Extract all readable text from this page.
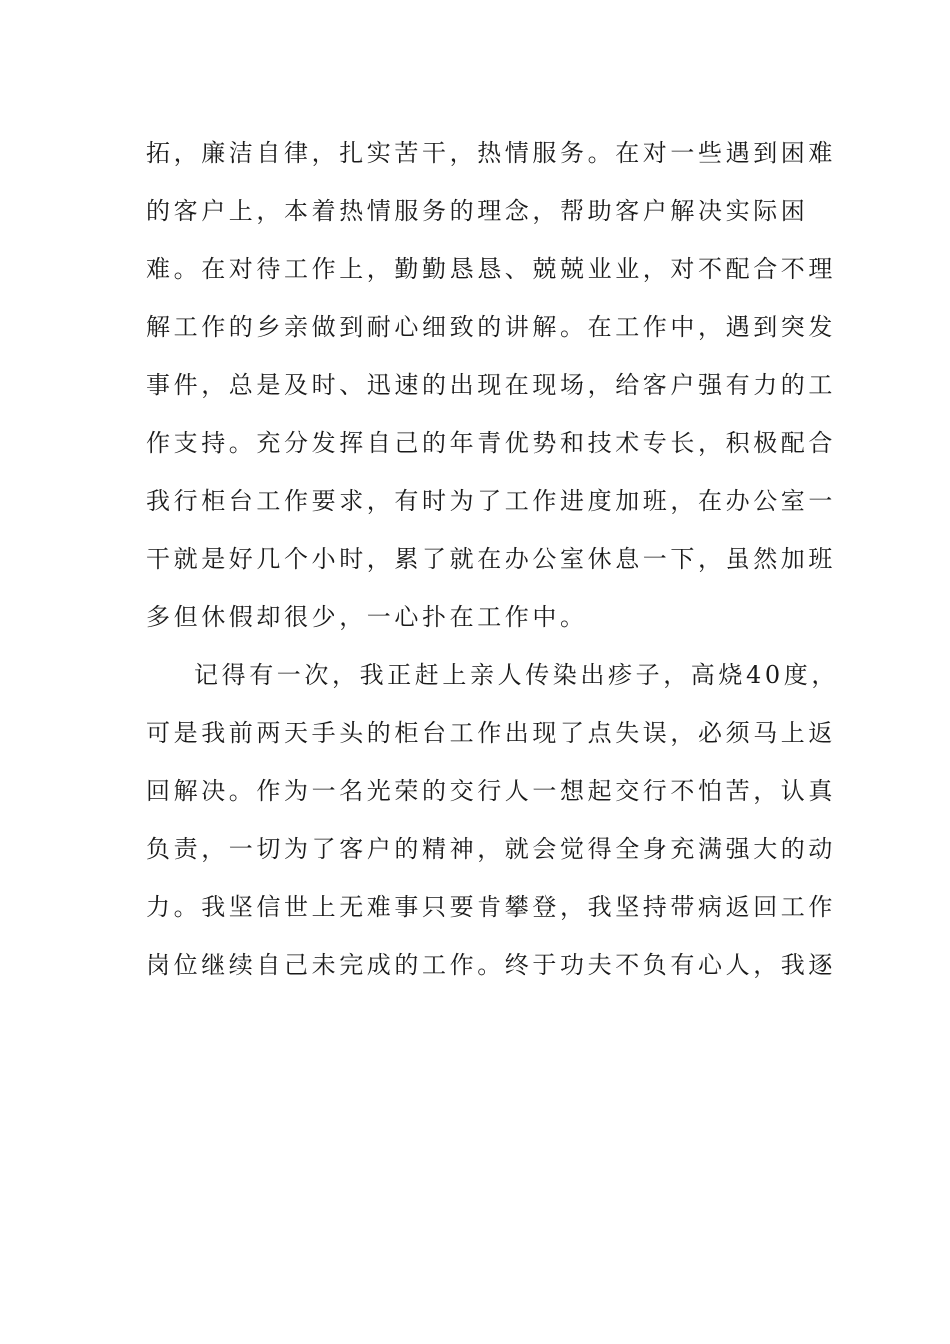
拓，廉洁自律，扎实苦干，热情服务。在对一些遇到困难
的客户上，本着热情服务的理念，帮助客户解决实际困
难。在对待工作上，勤勤恳恳、兢兢业业，对不配合不理
解工作的乡亲做到耐心细致的讲解。在工作中，遇到突发
事件，总是及时、迅速的出现在现场，给客户强有力的工
作支持。充分发挥自己的年青优势和技术专长，积极配合
我行柜台工作要求，有时为了工作进度加班，在办公室一
干就是好几个小时，累了就在办公室休息一下，虽然加班
多但休假却很少，一心扑在工作中。
记得有一次，我正赶上亲人传染出疹子，高烧40度，
可是我前两天手头的柜台工作出现了点失误，必须马上返
回解决。作为一名光荣的交行人一想起交行不怕苦，认真
负责，一切为了客户的精神，就会觉得全身充满强大的动
力。我坚信世上无难事只要肯攀登，我坚持带病返回工作
岗位继续自己未完成的工作。终于功夫不负有心人，我逐
